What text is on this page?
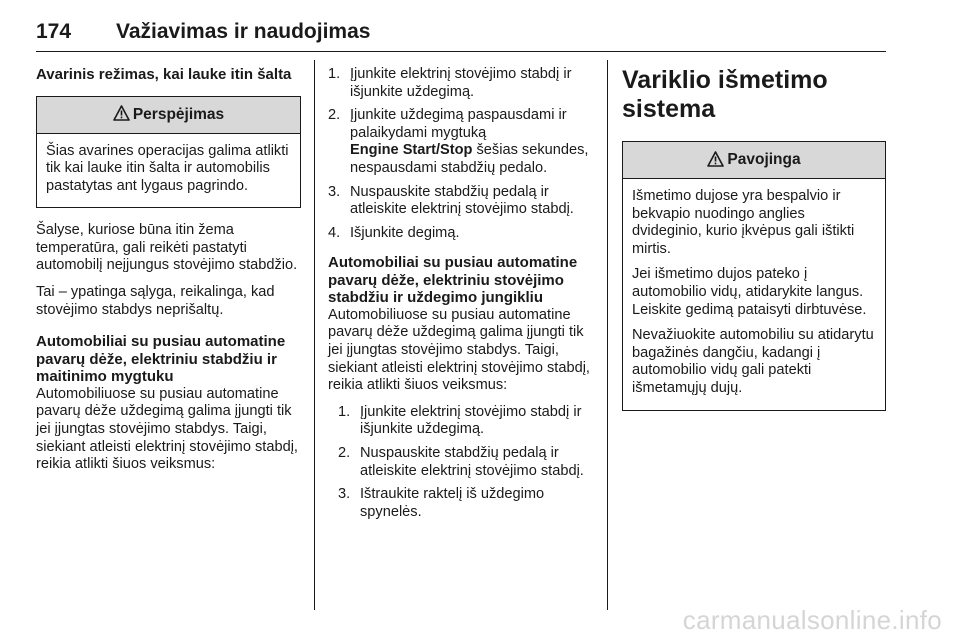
174 Važiavimas ir naudojimas
Avarinis režimas, kai lauke itin šalta
Perspėjimas

Šias avarines operacijas galima atlikti tik kai lauke itin šalta ir automobilis pastatytas ant lygaus pagrindo.

Šalyse, kuriose būna itin žema temperatūra, gali reikėti pastatyti automobilį neįjungus stovėjimo stabdžio.

Tai – ypatinga sąlyga, reikalinga, kad stovėjimo stabdys neprišaltų.

Automobiliai su pusiau automatine pavarų dėže, elektriniu stabdžiu ir maitinimo mygtuku

Automobiliuose su pusiau automatine pavarų dėže uždegimą galima įjungti tik jei įjungtas stovėjimo stabdys. Taigi, siekiant atleisti elektrinį stovėjimo stabdį, reikia atlikti šiuos veiksmus:

1. Įjunkite elektrinį stovėjimo stabdį ir išjunkite uždegimą.
2. Įjunkite uždegimą paspausdami ir palaikydami mygtuką
Engine Start/Stop šešias sekundes, nespausdami stabdžių pedalo.
3. Nuspauskite stabdžių pedalą ir atleiskite elektrinį stovėjimo stabdį.
4. Išjunkite degimą.
Automobiliai su pusiau automatine pavarų dėže, elektriniu stovėjimo stabdžiu ir uždegimo jungikliu

Automobiliuose su pusiau automatine pavarų dėže uždegimą galima įjungti tik jei įjungtas stovėjimo stabdys. Taigi, siekiant atleisti elektrinį stovėjimo stabdį, reikia atlikti šiuos veiksmus:

1. Įjunkite elektrinį stovėjimo stabdį ir išjunkite uždegimą.
2. Nuspauskite stabdžių pedalą ir atleiskite elektrinį stovėjimo stabdį.
3. Ištraukite raktelį iš uždegimo spynelės.
Variklio išmetimo sistema
Pavojinga

Išmetimo dujose yra bespalvio ir bekvapio nuodingo anglies dvideginio, kurio įkvėpus gali ištikti mirtis.

Jei išmetimo dujos pateko į automobilio vidų, atidarykite langus. Leiskite gedimą pataisyti dirbtuvėse.

Nevažiuokite automobiliu su atidarytu bagažinės dangčiu, kadangi į automobilio vidų gali patekti išmetamųjų dujų.

carmanualsonline.info
